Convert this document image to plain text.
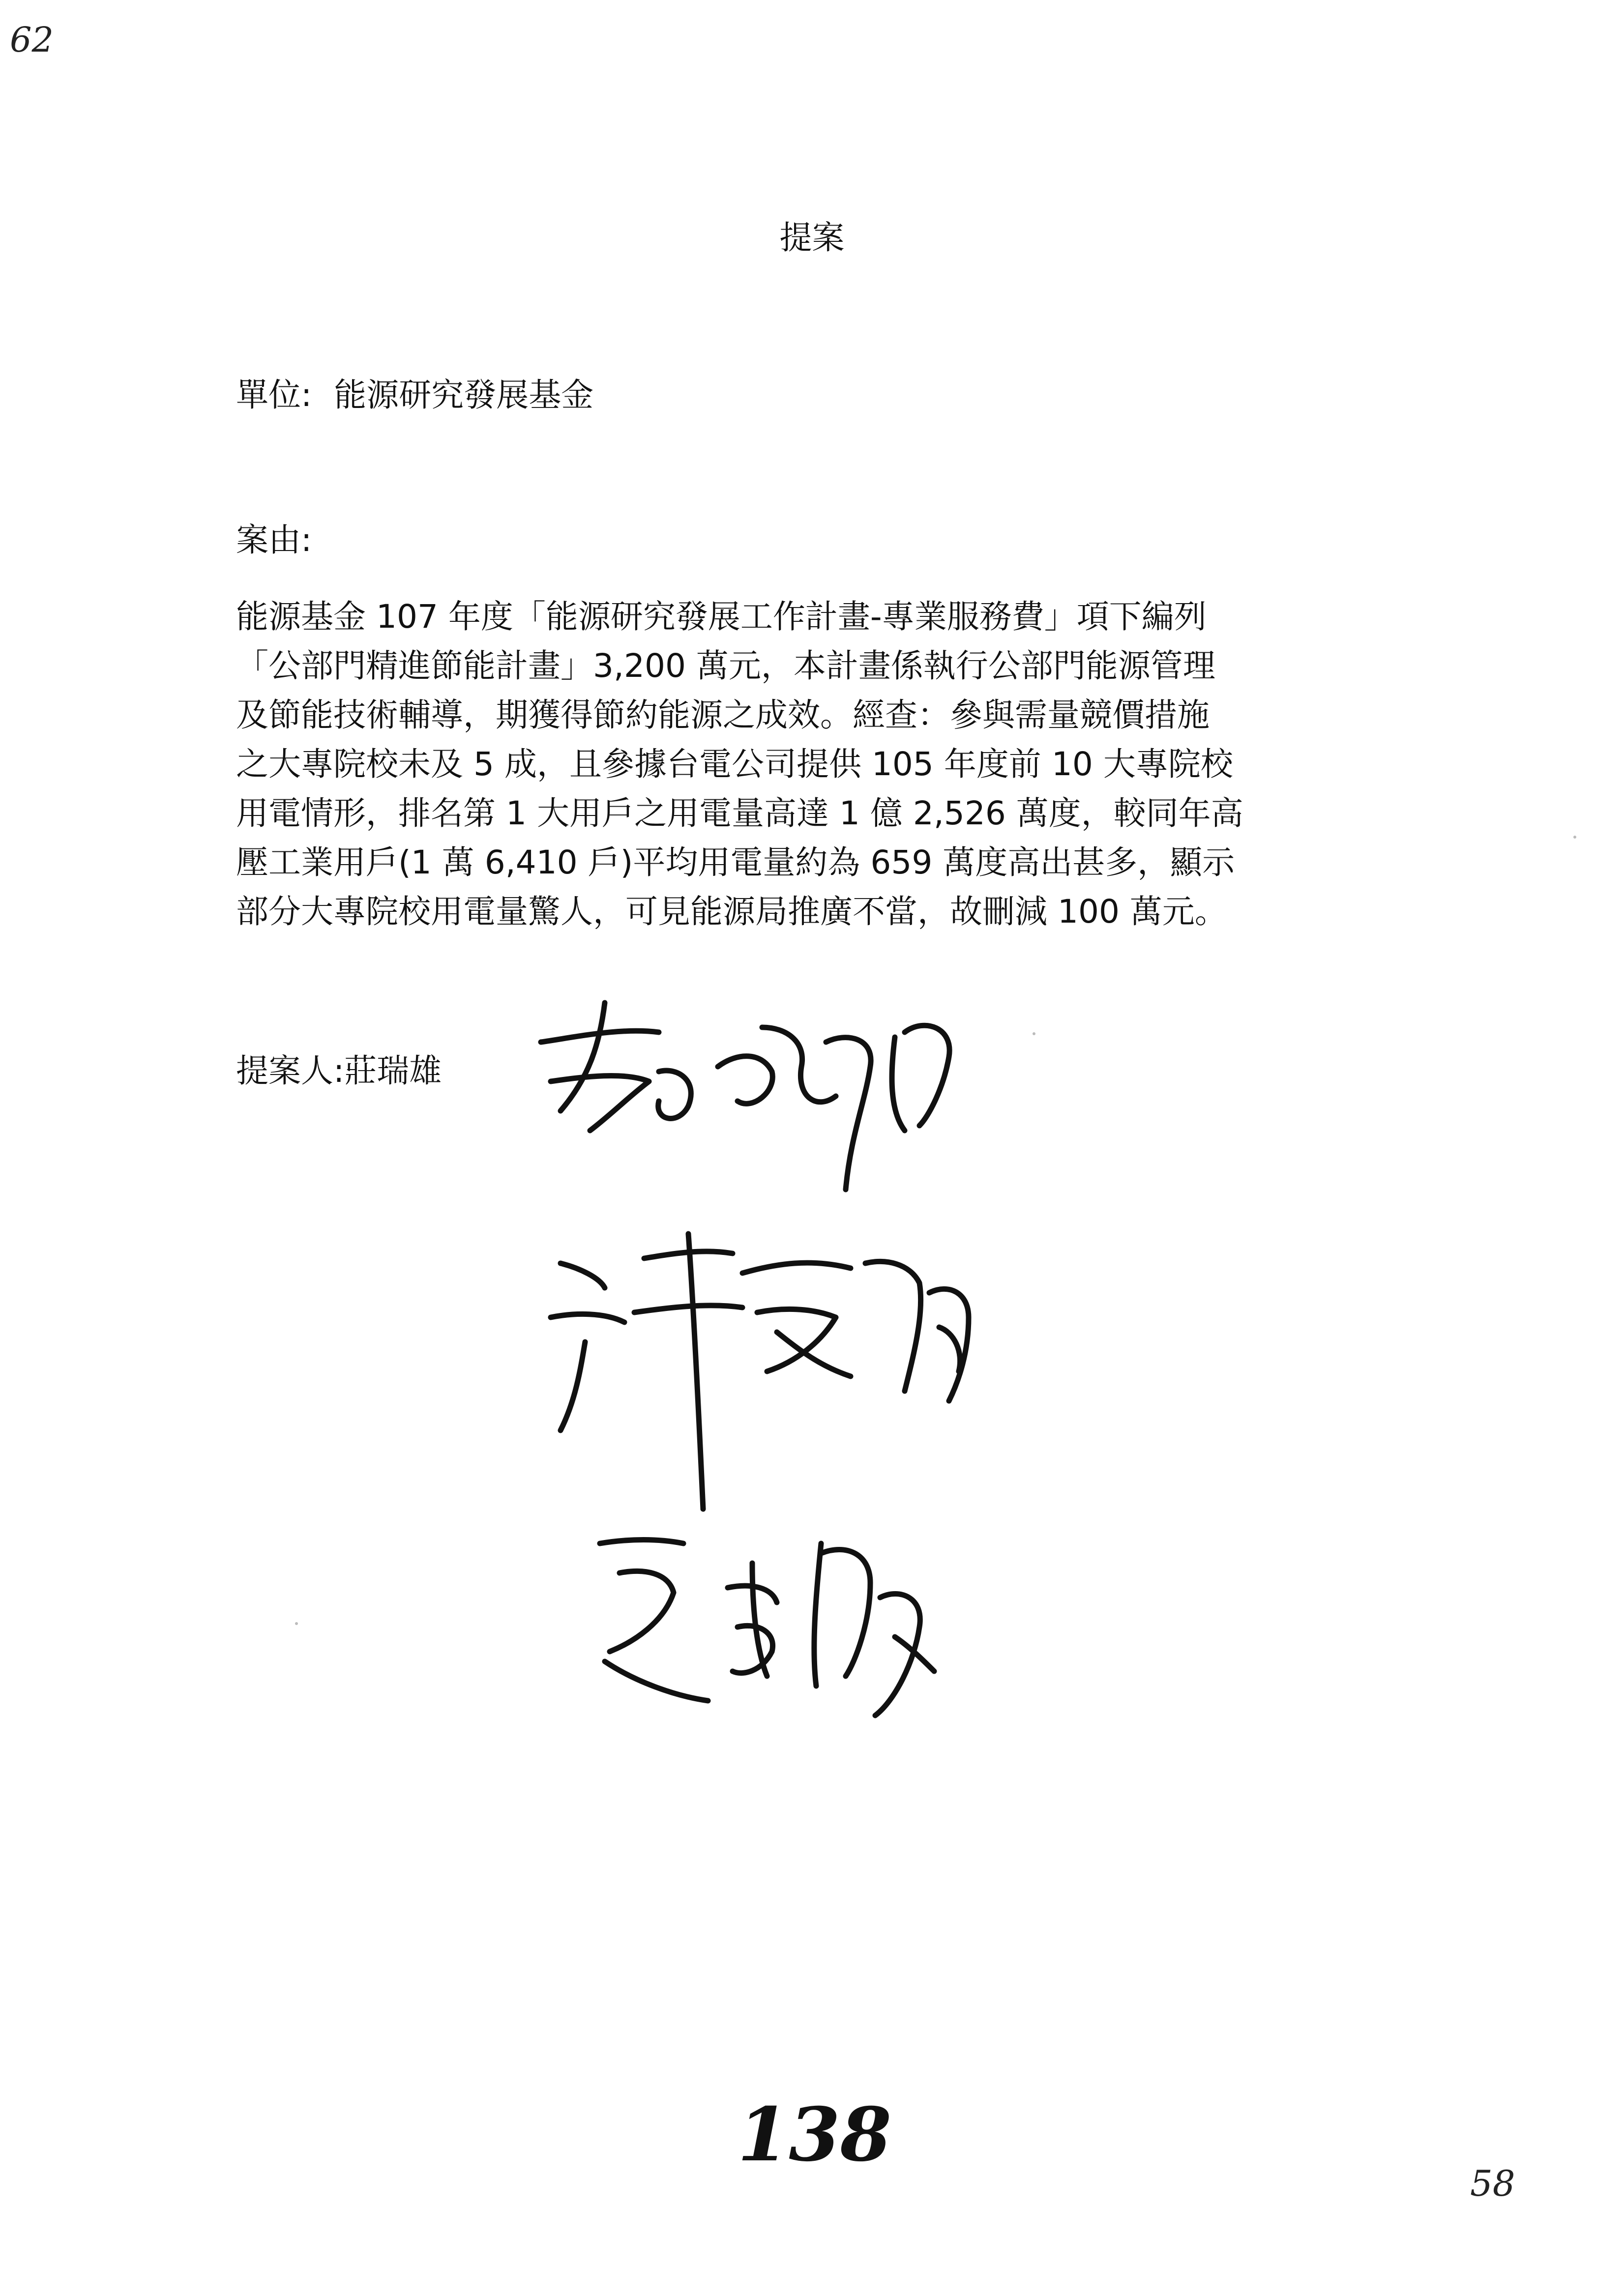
62
提案
單位: 能源研究發展基金
案由:
能源基金 107 年度「能源研究發展工作計畫-專業服務費」項下編列
「公部門精進節能計畫」3,200 萬元，本計畫係執行公部門能源管理
及節能技術輔導，期獲得節約能源之成效。經查：參與需量競價措施
之大專院校未及 5 成，且參據台電公司提供 105 年度前 10 大專院校
用電情形，排名第 1 大用戶之用電量高達 1 億 2,526 萬度，較同年高
壓工業用戶(1 萬 6,410 戶)平均用電量約為 659 萬度高出甚多，顯示
部分大專院校用電量驚人，可見能源局推廣不當，故刪減 100 萬元。
提案人:莊瑞雄
138
58
